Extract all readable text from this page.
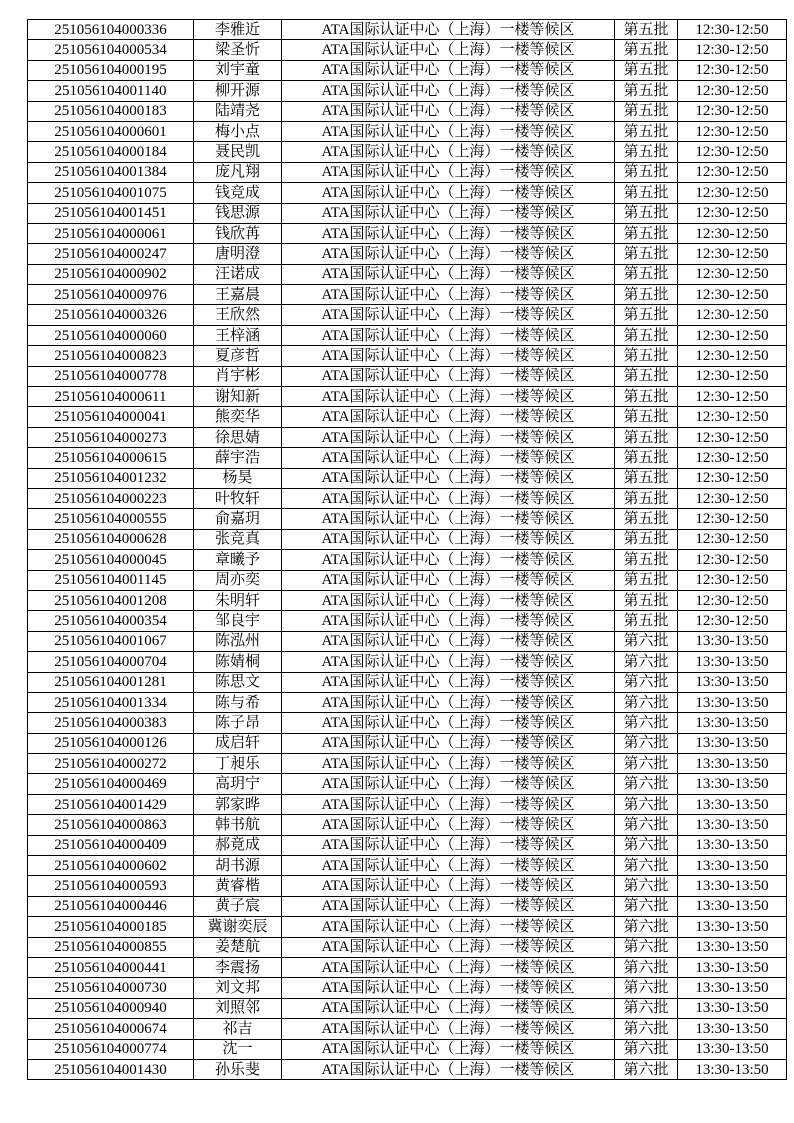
251056104000336	李雅近	ATA国际认证中心（上海）一楼等候区	第五批	12:30-12:50
251056104000534	梁圣忻	ATA国际认证中心（上海）一楼等候区	第五批	12:30-12:50
251056104000195	刘宇童	ATA国际认证中心（上海）一楼等候区	第五批	12:30-12:50
251056104001140	柳开源	ATA国际认证中心（上海）一楼等候区	第五批	12:30-12:50
251056104000183	陆靖尧	ATA国际认证中心（上海）一楼等候区	第五批	12:30-12:50
251056104000601	梅小点	ATA国际认证中心（上海）一楼等候区	第五批	12:30-12:50
251056104000184	聂民凯	ATA国际认证中心（上海）一楼等候区	第五批	12:30-12:50
251056104001384	庞凡翔	ATA国际认证中心（上海）一楼等候区	第五批	12:30-12:50
251056104001075	钱竞成	ATA国际认证中心（上海）一楼等候区	第五批	12:30-12:50
251056104001451	钱思源	ATA国际认证中心（上海）一楼等候区	第五批	12:30-12:50
251056104000061	钱欣苒	ATA国际认证中心（上海）一楼等候区	第五批	12:30-12:50
251056104000247	唐明澄	ATA国际认证中心（上海）一楼等候区	第五批	12:30-12:50
251056104000902	汪诺成	ATA国际认证中心（上海）一楼等候区	第五批	12:30-12:50
251056104000976	王嘉晨	ATA国际认证中心（上海）一楼等候区	第五批	12:30-12:50
251056104000326	王欣然	ATA国际认证中心（上海）一楼等候区	第五批	12:30-12:50
251056104000060	王梓涵	ATA国际认证中心（上海）一楼等候区	第五批	12:30-12:50
251056104000823	夏彦哲	ATA国际认证中心（上海）一楼等候区	第五批	12:30-12:50
251056104000778	肖宇彬	ATA国际认证中心（上海）一楼等候区	第五批	12:30-12:50
251056104000611	谢知新	ATA国际认证中心（上海）一楼等候区	第五批	12:30-12:50
251056104000041	熊奕华	ATA国际认证中心（上海）一楼等候区	第五批	12:30-12:50
251056104000273	徐思婧	ATA国际认证中心（上海）一楼等候区	第五批	12:30-12:50
251056104000615	薛宇浩	ATA国际认证中心（上海）一楼等候区	第五批	12:30-12:50
251056104001232	杨昊	ATA国际认证中心（上海）一楼等候区	第五批	12:30-12:50
251056104000223	叶牧轩	ATA国际认证中心（上海）一楼等候区	第五批	12:30-12:50
251056104000555	俞嘉玥	ATA国际认证中心（上海）一楼等候区	第五批	12:30-12:50
251056104000628	张竞真	ATA国际认证中心（上海）一楼等候区	第五批	12:30-12:50
251056104000045	章曦予	ATA国际认证中心（上海）一楼等候区	第五批	12:30-12:50
251056104001145	周亦奕	ATA国际认证中心（上海）一楼等候区	第五批	12:30-12:50
251056104001208	朱明轩	ATA国际认证中心（上海）一楼等候区	第五批	12:30-12:50
251056104000354	邹良宇	ATA国际认证中心（上海）一楼等候区	第五批	12:30-12:50
251056104001067	陈泓州	ATA国际认证中心（上海）一楼等候区	第六批	13:30-13:50
251056104000704	陈婧桐	ATA国际认证中心（上海）一楼等候区	第六批	13:30-13:50
251056104001281	陈思文	ATA国际认证中心（上海）一楼等候区	第六批	13:30-13:50
251056104001334	陈与希	ATA国际认证中心（上海）一楼等候区	第六批	13:30-13:50
251056104000383	陈子昂	ATA国际认证中心（上海）一楼等候区	第六批	13:30-13:50
251056104000126	成启轩	ATA国际认证中心（上海）一楼等候区	第六批	13:30-13:50
251056104000272	丁昶乐	ATA国际认证中心（上海）一楼等候区	第六批	13:30-13:50
251056104000469	高玥宁	ATA国际认证中心（上海）一楼等候区	第六批	13:30-13:50
251056104001429	郭家晔	ATA国际认证中心（上海）一楼等候区	第六批	13:30-13:50
251056104000863	韩书航	ATA国际认证中心（上海）一楼等候区	第六批	13:30-13:50
251056104000409	郝竟成	ATA国际认证中心（上海）一楼等候区	第六批	13:30-13:50
251056104000602	胡书源	ATA国际认证中心（上海）一楼等候区	第六批	13:30-13:50
251056104000593	黄睿楷	ATA国际认证中心（上海）一楼等候区	第六批	13:30-13:50
251056104000446	黄子宸	ATA国际认证中心（上海）一楼等候区	第六批	13:30-13:50
251056104000185	冀谢奕辰	ATA国际认证中心（上海）一楼等候区	第六批	13:30-13:50
251056104000855	姜楚航	ATA国际认证中心（上海）一楼等候区	第六批	13:30-13:50
251056104000441	李震扬	ATA国际认证中心（上海）一楼等候区	第六批	13:30-13:50
251056104000730	刘文邦	ATA国际认证中心（上海）一楼等候区	第六批	13:30-13:50
251056104000940	刘照邻	ATA国际认证中心（上海）一楼等候区	第六批	13:30-13:50
251056104000674	祁吉	ATA国际认证中心（上海）一楼等候区	第六批	13:30-13:50
251056104000774	沈一	ATA国际认证中心（上海）一楼等候区	第六批	13:30-13:50
251056104001430	孙乐斐	ATA国际认证中心（上海）一楼等候区	第六批	13:30-13:50
